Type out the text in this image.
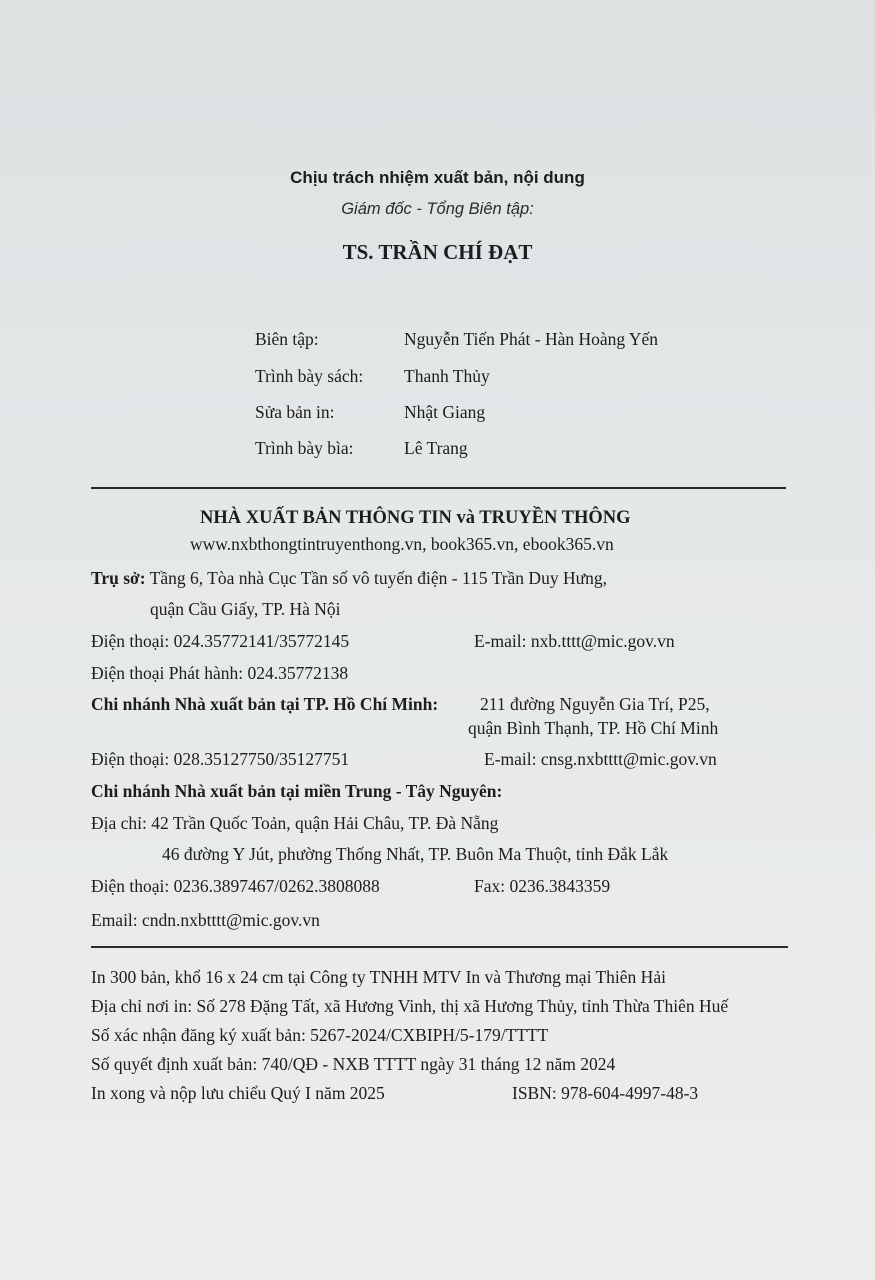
Chịu trách nhiệm xuất bản, nội dung
Giám đốc - Tổng Biên tập:
TS. TRẦN CHÍ ĐẠT
Biên tập:	Nguyễn Tiến Phát - Hàn Hoàng Yến
Trình bày sách: Thanh Thủy
Sửa bản in:	Nhật Giang
Trình bày bìa:	Lê Trang
NHÀ XUẤT BẢN THÔNG TIN và TRUYỀN THÔNG
www.nxbthongtintruyenthong.vn, book365.vn, ebook365.vn
Trụ sở: Tầng 6, Tòa nhà Cục Tần số vô tuyến điện - 115 Trần Duy Hưng,
quận Cầu Giấy, TP. Hà Nội
Điện thoại: 024.35772141/35772145	E-mail: nxb.tttt@mic.gov.vn
Điện thoại Phát hành: 024.35772138
Chi nhánh Nhà xuất bản tại TP. Hồ Chí Minh: 211 đường Nguyễn Gia Trí, P25,
quận Bình Thạnh, TP. Hồ Chí Minh
Điện thoại: 028.35127750/35127751	E-mail: cnsg.nxbtttt@mic.gov.vn
Chi nhánh Nhà xuất bản tại miền Trung - Tây Nguyên:
Địa chỉ: 42 Trần Quốc Toản, quận Hải Châu, TP. Đà Nẵng
46 đường Y Jút, phường Thống Nhất, TP. Buôn Ma Thuột, tỉnh Đắk Lắk
Điện thoại: 0236.3897467/0262.3808088	Fax: 0236.3843359
Email: cndn.nxbtttt@mic.gov.vn
In 300 bản, khổ 16 x 24 cm tại Công ty TNHH MTV In và Thương mại Thiên Hải
Địa chỉ nơi in: Số 278 Đặng Tất, xã Hương Vinh, thị xã Hương Thủy, tỉnh Thừa Thiên Huế
Số xác nhận đăng ký xuất bản: 5267-2024/CXBIPH/5-179/TTTT
Số quyết định xuất bản: 740/QĐ - NXB TTTT ngày 31 tháng 12 năm 2024
In xong và nộp lưu chiểu Quý I năm 2025	ISBN: 978-604-4997-48-3
